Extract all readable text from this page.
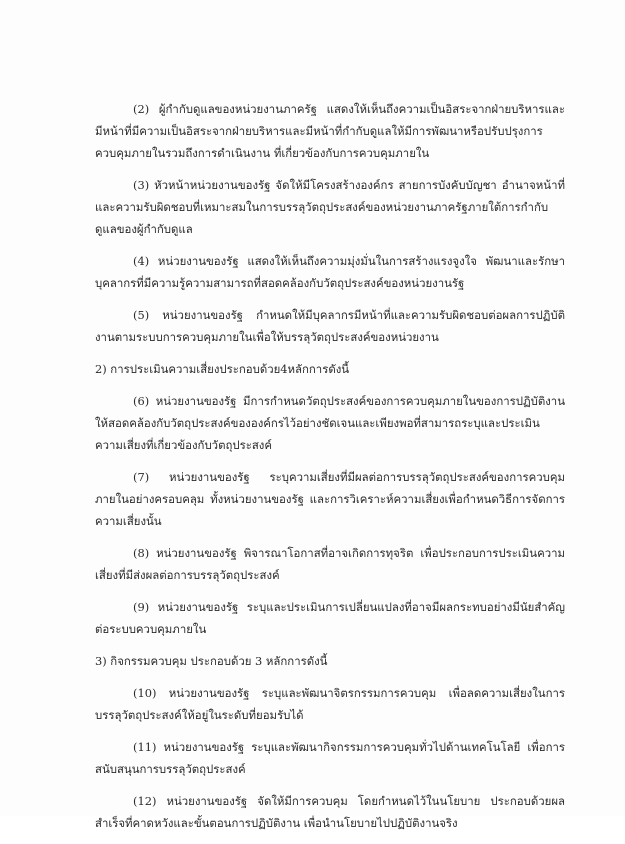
(2) ผู้กำกับดูแลของหน่วยงานภาครัฐ แสดงให้เห็นถึงความเป็นอิสระจากฝ่ายบริหารและมีหน้าที่มีความเป็นอิสระจากฝ่ายบริหารและมีหน้าที่กำกับดูแลให้มีการพัฒนาหรือปรับปรุงการควบคุมภายในรวมถึงการดำเนินงาน ที่เกี่ยวข้องกับการควบคุมภายใน

(3) หัวหน้าหน่วยงานของรัฐ จัดให้มีโครงสร้างองค์กร สายการบังคับบัญชา อำนาจหน้าที่และความรับผิดชอบที่เหมาะสมในการบรรลุวัตถุประสงค์ของหน่วยงานภาครัฐภายใต้การกำกับดูแลของผู้กำกับดูแล

(4) หน่วยงานของรัฐ แสดงให้เห็นถึงความมุ่งมั่นในการสร้างแรงจูงใจ พัฒนาและรักษาบุคลากรที่มีความรู้ความสามารถที่สอดคล้องกับวัตถุประสงค์ของหน่วยงานรัฐ

(5) หน่วยงานของรัฐ กำหนดให้มีบุคลากรมีหน้าที่และความรับผิดชอบต่อผลการปฏิบัติงานตามระบบการควบคุมภายในเพื่อให้บรรลุวัตถุประสงค์ของหน่วยงาน

2) การประเมินความเสี่ยงประกอบด้วย4หลักการดังนี้

(6) หน่วยงานของรัฐ มีการกำหนดวัตถุประสงค์ของการควบคุมภายในของการปฏิบัติงานให้สอดคล้องกับวัตถุประสงค์ขององค์กรไว้อย่างชัดเจนและเพียงพอที่สามารถระบุและประเมินความเสี่ยงที่เกี่ยวข้องกับวัตถุประสงค์

(7) หน่วยงานของรัฐ ระบุความเสี่ยงที่มีผลต่อการบรรลุวัตถุประสงค์ของการควบคุมภายในอย่างครอบคลุม ทั้งหน่วยงานของรัฐ และการวิเคราะห์ความเสี่ยงเพื่อกำหนดวิธีการจัดการความเสี่ยงนั้น

(8) หน่วยงานของรัฐ พิจารณาโอกาสที่อาจเกิดการทุจริต เพื่อประกอบการประเมินความเสี่ยงที่มีส่งผลต่อการบรรลุวัตถุประสงค์

(9) หน่วยงานของรัฐ ระบุและประเมินการเปลี่ยนแปลงที่อาจมีผลกระทบอย่างมีนัยสำคัญต่อระบบควบคุมภายใน

3) กิจกรรมควบคุม ประกอบด้วย 3 หลักการดังนี้

(10) หน่วยงานของรัฐ ระบุและพัฒนาจิตรกรรมการควบคุม เพื่อลดความเสี่ยงในการบรรลุวัตถุประสงค์ให้อยู่ในระดับที่ยอมรับได้

(11) หน่วยงานของรัฐ ระบุและพัฒนากิจกรรมการควบคุมทั่วไปด้านเทคโนโลยี เพื่อการสนับสนุนการบรรลุวัตถุประสงค์

(12) หน่วยงานของรัฐ จัดให้มีการควบคุม โดยกำหนดไว้ในนโยบาย ประกอบด้วยผลสำเร็จที่คาดหวังและขั้นตอนการปฏิบัติงาน เพื่อนำนโยบายไปปฏิบัติงานจริง
